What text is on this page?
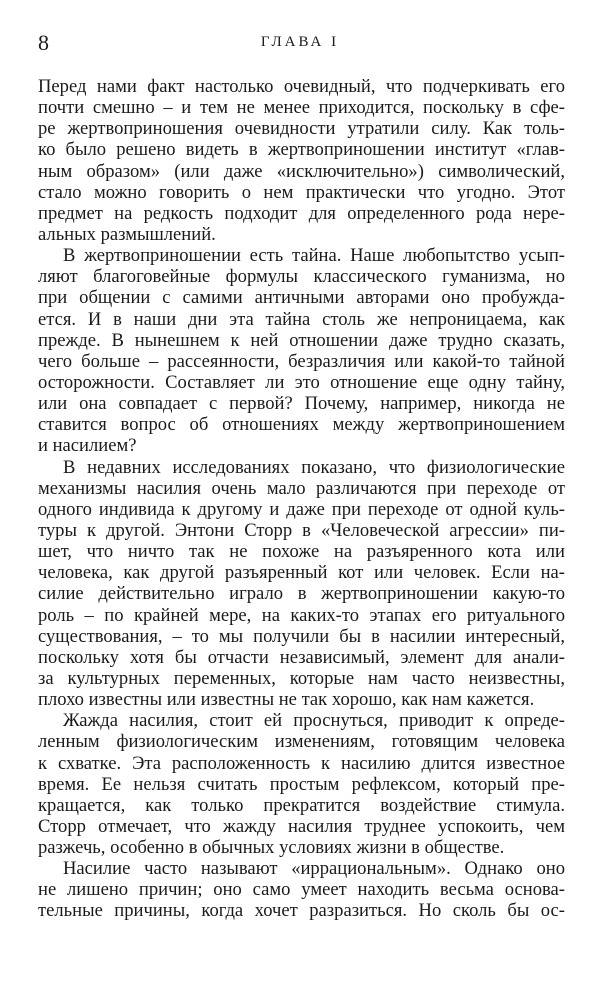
8	ГЛАВА I
Перед нами факт настолько очевидный, что подчеркивать его
почти смешно – и тем не менее приходится, поскольку в сфе-
ре жертвоприношения очевидности утратили силу. Как толь-
ко было решено видеть в жертвоприношении институт «глав-
ным образом» (или даже «исключительно») символический,
стало можно говорить о нем практически что угодно. Этот
предмет на редкость подходит для определенного рода нере-
альных размышлений.
В жертвоприношении есть тайна. Наше любопытство усып-
ляют благоговейные формулы классического гуманизма, но
при общении с самими античными авторами оно пробужда-
ется. И в наши дни эта тайна столь же непроницаема, как
прежде. В нынешнем к ней отношении даже трудно сказать,
чего больше – рассеянности, безразличия или какой-то тайной
осторожности. Составляет ли это отношение еще одну тайну,
или она совпадает с первой? Почему, например, никогда не
ставится вопрос об отношениях между жертвоприношением
и насилием?
В недавних исследованиях показано, что физиологические
механизмы насилия очень мало различаются при переходе от
одного индивида к другому и даже при переходе от одной куль-
туры к другой. Энтони Сторр в «Человеческой агрессии» пи-
шет, что ничто так не похоже на разъяренного кота или
человека, как другой разъяренный кот или человек. Если на-
силие действительно играло в жертвоприношении какую-то
роль – по крайней мере, на каких-то этапах его ритуального
существования, – то мы получили бы в насилии интересный,
поскольку хотя бы отчасти независимый, элемент для анали-
за культурных переменных, которые нам часто неизвестны,
плохо известны или известны не так хорошо, как нам кажется.
Жажда насилия, стоит ей проснуться, приводит к опреде-
ленным физиологическим изменениям, готовящим человека
к схватке. Эта расположенность к насилию длится известное
время. Ее нельзя считать простым рефлексом, который пре-
кращается, как только прекратится воздействие стимула.
Сторр отмечает, что жажду насилия труднее успокоить, чем
разжечь, особенно в обычных условиях жизни в обществе.
Насилие часто называют «иррациональным». Однако оно
не лишено причин; оно само умеет находить весьма основа-
тельные причины, когда хочет разразиться. Но сколь бы ос-
